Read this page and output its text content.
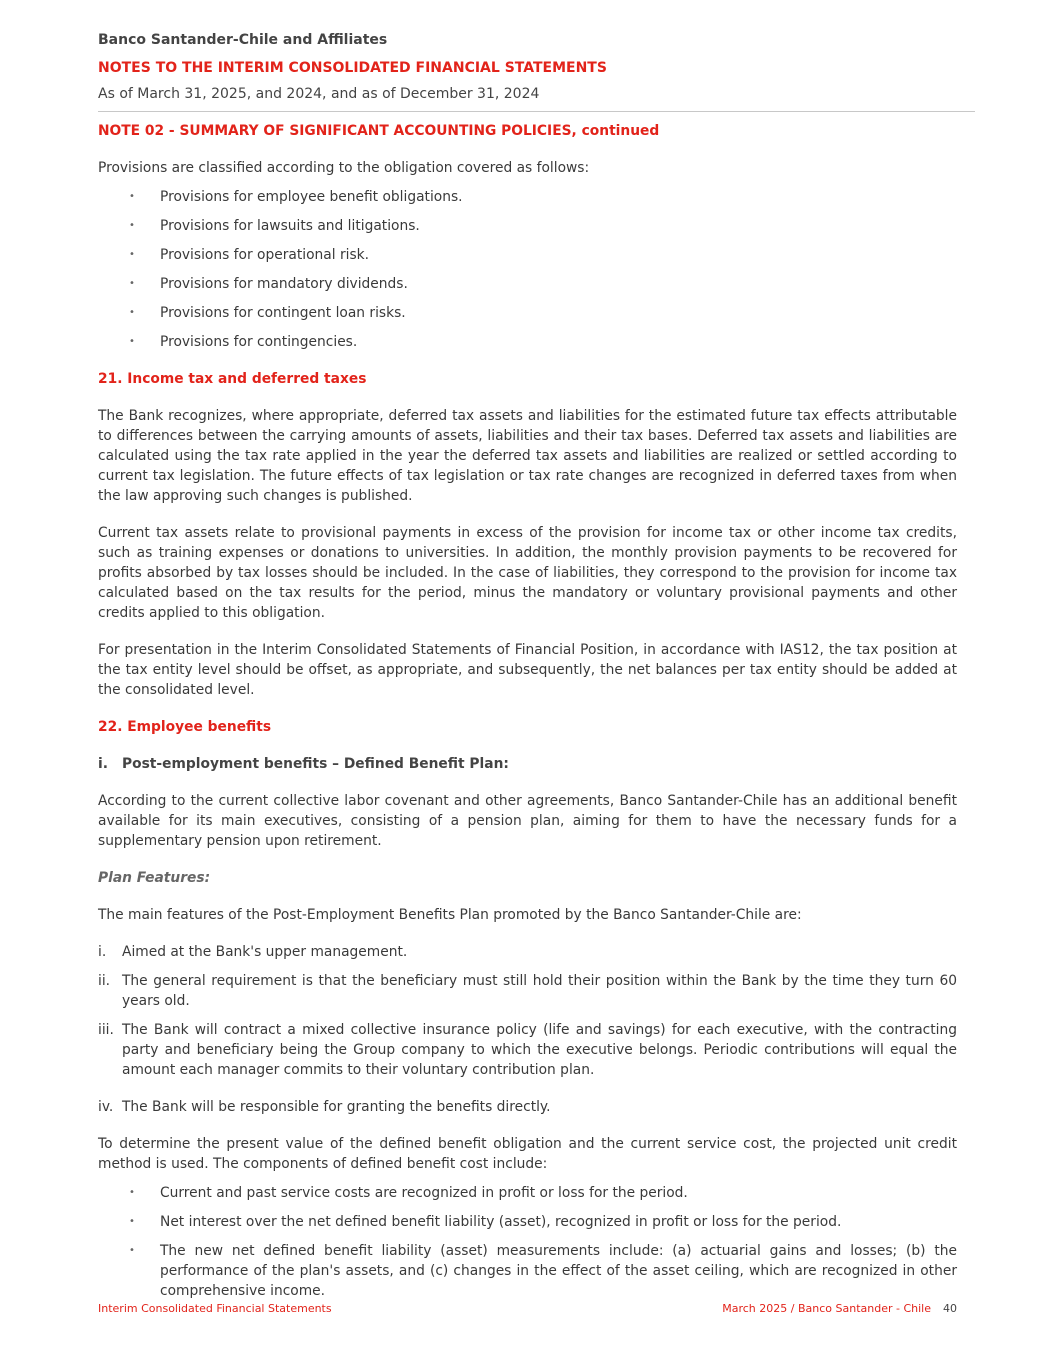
Banco Santander-Chile and Affiliates
NOTES TO THE INTERIM CONSOLIDATED FINANCIAL STATEMENTS
As of March 31, 2025, and 2024, and as of December 31, 2024

NOTE 02 - SUMMARY OF SIGNIFICANT ACCOUNTING POLICIES, continued

Provisions are classified according to the obligation covered as follows:

• Provisions for employee benefit obligations.
• Provisions for lawsuits and litigations.
• Provisions for operational risk.
• Provisions for mandatory dividends.
• Provisions for contingent loan risks.
• Provisions for contingencies.

21. Income tax and deferred taxes

The Bank recognizes, where appropriate, deferred tax assets and liabilities for the estimated future tax effects attributable to differences between the carrying amounts of assets, liabilities and their tax bases. Deferred tax assets and liabilities are calculated using the tax rate applied in the year the deferred tax assets and liabilities are realized or settled according to current tax legislation. The future effects of tax legislation or tax rate changes are recognized in deferred taxes from when the law approving such changes is published.

Current tax assets relate to provisional payments in excess of the provision for income tax or other income tax credits, such as training expenses or donations to universities. In addition, the monthly provision payments to be recovered for profits absorbed by tax losses should be included. In the case of liabilities, they correspond to the provision for income tax calculated based on the tax results for the period, minus the mandatory or voluntary provisional payments and other credits applied to this obligation.

For presentation in the Interim Consolidated Statements of Financial Position, in accordance with IAS12, the tax position at the tax entity level should be offset, as appropriate, and subsequently, the net balances per tax entity should be added at the consolidated level.

22. Employee benefits

i. Post-employment benefits – Defined Benefit Plan:

According to the current collective labor covenant and other agreements, Banco Santander-Chile has an additional benefit available for its main executives, consisting of a pension plan, aiming for them to have the necessary funds for a supplementary pension upon retirement.

Plan Features:

The main features of the Post-Employment Benefits Plan promoted by the Banco Santander-Chile are:

i. Aimed at the Bank's upper management.
ii. The general requirement is that the beneficiary must still hold their position within the Bank by the time they turn 60 years old.
iii. The Bank will contract a mixed collective insurance policy (life and savings) for each executive, with the contracting party and beneficiary being the Group company to which the executive belongs. Periodic contributions will equal the amount each manager commits to their voluntary contribution plan.
iv. The Bank will be responsible for granting the benefits directly.

To determine the present value of the defined benefit obligation and the current service cost, the projected unit credit method is used. The components of defined benefit cost include:

• Current and past service costs are recognized in profit or loss for the period.
• Net interest over the net defined benefit liability (asset), recognized in profit or loss for the period.
• The new net defined benefit liability (asset) measurements include: (a) actuarial gains and losses; (b) the performance of the plan's assets, and (c) changes in the effect of the asset ceiling, which are recognized in other comprehensive income.
Interim Consolidated Financial Statements	March 2025 / Banco Santander - Chile 40
